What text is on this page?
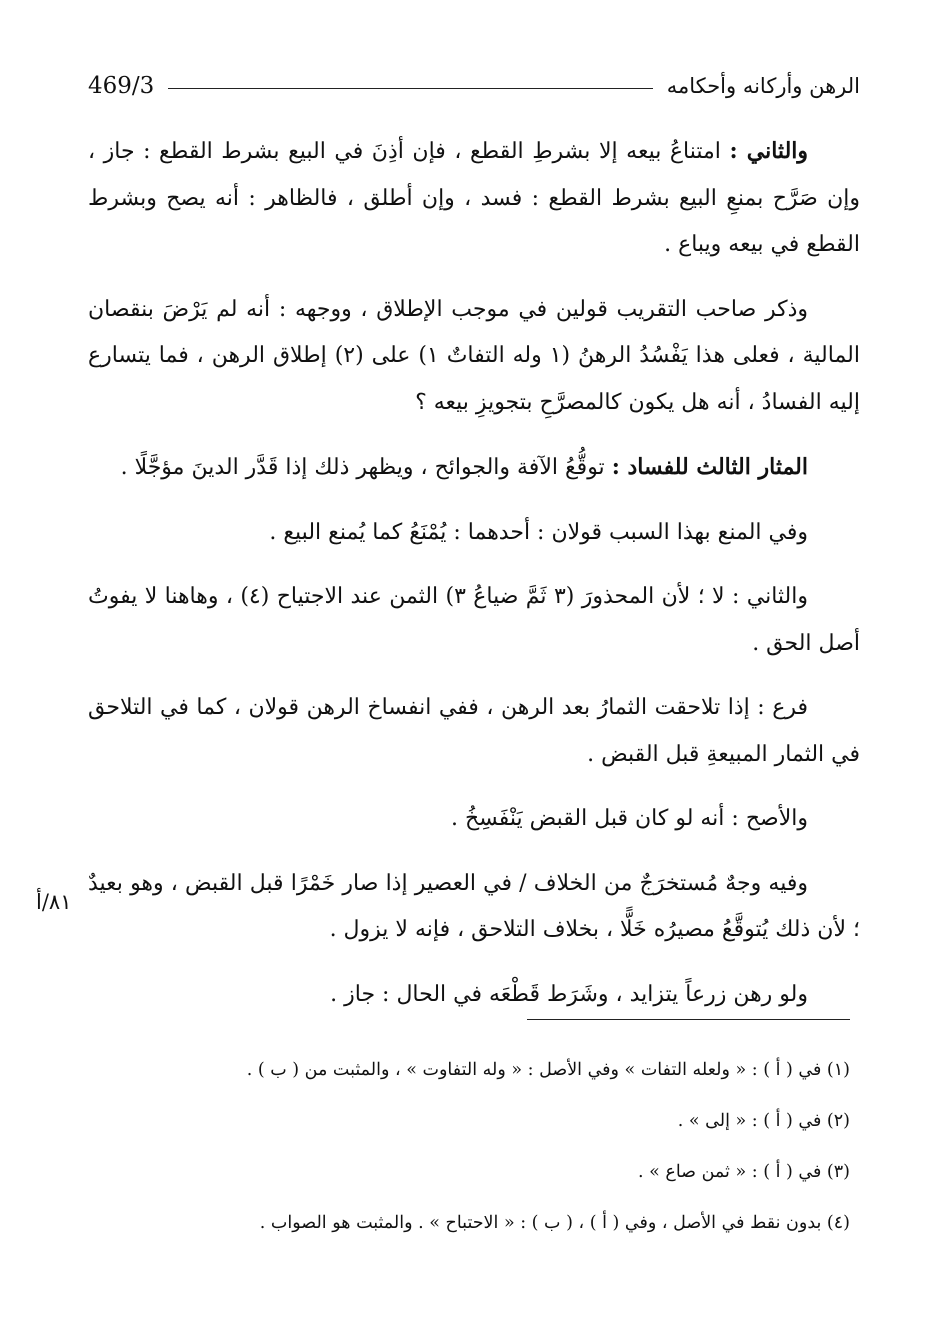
الرهن وأركانه وأحكامه
469/3

والثاني : امتناعُ بيعه إلا بشرطِ القطع ، فإن أذِنَ في البيع بشرط القطع : جاز ، وإن صَرَّح بمنعِ البيع بشرط القطع : فسد ، وإن أطلق ، فالظاهر : أنه يصح وبشرط القطع في بيعه ويباع .

وذكر صاحب التقريب قولين في موجب الإطلاق ، ووجهه : أنه لم يَرْضَ بنقصان المالية ، فعلى هذا يَفْسُدُ الرهنُ (١ وله التفاتٌ ١) على (٢) إطلاق الرهن ، فما يتسارع إليه الفسادُ ، أنه هل يكون كالمصرَّحِ بتجويزِ بيعه ؟

المثار الثالث للفساد : توقُّعُ الآفة والجوائح ، ويظهر ذلك إذا قَدَّر الدينَ مؤجَّلًا .

وفي المنع بهذا السبب قولان : أحدهما : يُمْنَعُ كما يُمنع البيع .

والثاني : لا ؛ لأن المحذورَ (٣ ثَمَّ ضياعُ ٣) الثمن عند الاجتياح (٤) ، وهاهنا لا يفوتُ أصل الحق .

فرع : إذا تلاحقت الثمارُ بعد الرهن ، ففي انفساخ الرهن قولان ، كما في التلاحق في الثمار المبيعةِ قبل القبض .

والأصح : أنه لو كان قبل القبض يَنْفَسِخُ .

وفيه وجهٌ مُستخرَجٌ من الخلاف / في العصير إذا صار خَمْرًا قبل القبض ، وهو بعيدٌ ؛ لأن ذلك يُتوقَّعُ مصيرُه خَلًّا ، بخلاف التلاحق ، فإنه لا يزول .

ولو رهن زرعاً يتزايد ، وشَرَط قَطْعَه في الحال : جاز .

٨١/أ
(١) في ( أ ) : « ولعله التفات » وفي الأصل : « وله التفاوت » ، والمثبت من ( ب ) .
(٢) في ( أ ) : « إلى » .
(٣) في ( أ ) : « ثمن صاع » .
(٤) بدون نقط في الأصل ، وفي ( أ ) ، ( ب ) : « الاحتباح » . والمثبت هو الصواب .
